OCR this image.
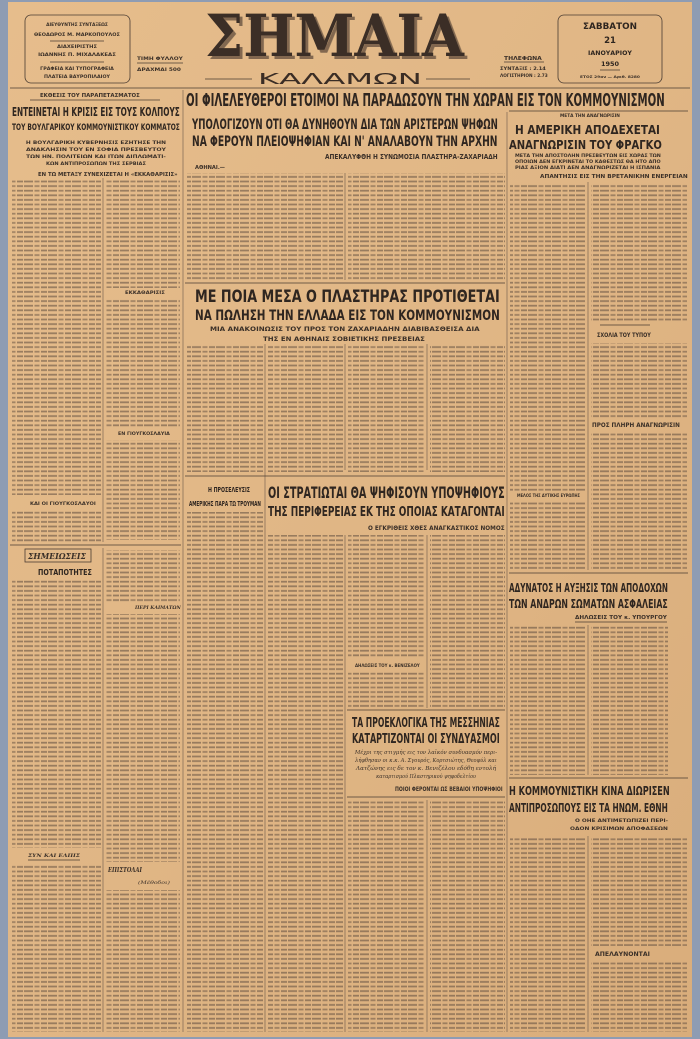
ΔΙΕΥΘΥΝΤΗΣ ΣΥΝΤΑΞΕΩΣ
ΘΕΟΔΩΡΟΣ Μ. ΜΑΡΚΟΠΟΥΛΟΣ
ΔΙΑΧΕΙΡΙΣΤΗΣ
ΙΩΑΝΝΗΣ Π. ΜΙΧΑΛΑΚΕΑΣ
ΓΡΑΦΕΙΑ ΚΑΙ ΤΥΠΟΓΡΑΦΕΙΑ
ΠΛΑΤΕΙΑ ΒΑΥΡΟΠΙΛΑΙΟΥ
ΤΙΜΗ ΦΥΛΛΟΥ
ΔΡΑΧΜΑΙ 500 ΣΗΜΑΙΑ
ΚΑΛΑΜΩΝ
ΤΗΛΕΦΩΝΑ
ΣΥΝΤΑΞΙΣ : 2.14
ΛΟΓΙΣΤΗΡΙΟΝ : 2.73
ΣΑΒΒΑΤΟΝ
21
ΙΑΝΟΥΑΡΙΟΥ
1950
ΕΤΟΣ 29ον — Αριθ. 8280
ΟΙ ΦΙΛΕΛΕΥΘΕΡΟΙ ΕΤΟΙΜΟΙ ΝΑ ΠΑΡΑΔΩΣΟΥΝ ΤΗΝ ΧΩΡΑΝ ΕΙΣ ΤΟΝ ΚΟΜΜΟΥΝΙΣΜΟΝ
ΥΠΟΛΟΓΙΖΟΥΝ ΟΤΙ ΘΑ ΔΥΝΗΘΟΥΝ ΔΙΑ ΤΩΝ ΑΡΙΣΤΕΡΩΝ ΨΗΦΩΝ
ΝΑ ΦΕΡΟΥΝ ΠΛΕΙΟΨΗΦΙΑΝ ΚΑΙ Ν' ΑΝΑΛΑΒΟΥΝ ΤΗΝ ΑΡΧΗΝ
ΑΠΕΚΑΛΥΦΘΗ Η ΣΥΝΩΜΟΣΙΑ ΠΛΑΣΤΗΡΑ-ΖΑΧΑΡΙΑΔΗ
ΑΘΗΝΑΙ.—
ΕΚΘΕΣΙΣ ΤΟΥ ΠΑΡΑΠΕΤΑΣΜΑΤΟΣ
ΕΝΤΕΙΝΕΤΑΙ Η ΚΡΙΣΙΣ ΕΙΣ ΤΟΥΣ ΚΟΛΠΟΥΣ
ΤΟΥ ΒΟΥΛΓΑΡΙΚΟΥ ΚΟΜΜΟΥΝΙΣΤΙΚΟΥ ΚΟΜΜΑΤΟΣ
Η ΒΟΥΛΓΑΡΙΚΗ ΚΥΒΕΡΝΗΣΙΣ ΕΖΗΤΗΣΕ ΤΗΝ
ΑΝΑΚΛΗΣΙΝ ΤΟΥ ΕΝ ΣΟΦΙΑ ΠΡΕΣΒΕΥΤΟΥ
ΤΩΝ ΗΝ. ΠΟΛΙΤΕΙΩΝ ΚΑΙ ΙΤΩΝ ΔΙΠΛΩΜΑΤΙ-
ΚΩΝ ΑΝΤΙΠΡΟΣΩΠΩΝ ΤΗΣ ΣΕΡΒΙΑΣ
ΕΝ ΤΩ ΜΕΤΑΞΥ ΣΥΝΕΧΙΖΕΤΑΙ Η «ΕΚΚΑΘΑΡΙΣΙΣ»
ΕΚΚΑΘΑΡΙΣΙΣ
ΕΝ ΓΙΟΥΓΚΟΣΛΑΥΙΑ
ΚΑΙ ΟΙ ΓΙΟΥΓΚΟΣΛΑΥΟΙ
ΜΕ ΠΟΙΑ ΜΕΣΑ Ο ΠΛΑΣΤΗΡΑΣ ΠΡΟΤΙΘΕΤΑΙ
ΝΑ ΠΩΛΗΣΗ ΤΗΝ ΕΛΛΑΔΑ ΕΙΣ ΤΟΝ ΚΟΜΜΟΥΝΙΣΜΟΝ
ΜΙΑ ΑΝΑΚΟΙΝΩΣΙΣ ΤΟΥ ΠΡΟΣ ΤΟΝ ΖΑΧΑΡΙΑΔΗΝ ΔΙΑΒΙΒΑΣΘΕΙΣΑ ΔΙΑ
ΤΗΣ ΕΝ ΑΘΗΝΑΙΣ ΣΟΒΙΕΤΙΚΗΣ ΠΡΕΣΒΕΙΑΣ
ΜΕΤΑ ΤΗΝ ΑΝΑΓΝΩΡΙΣΙΝ
Η ΑΜΕΡΙΚΗ ΑΠΟΔΕΧΕΤΑΙ
ΑΝΑΓΝΩΡΙΣΙΝ ΤΟΥ ΦΡΑΓΚΟ
ΜΕΤΑ ΤΗΝ ΑΠΟΣΤΟΛΗΝ ΠΡΕΣΒΕΥΤΩΝ ΕΙΣ ΧΩΡΑΣ ΤΩΝ
ΟΠΟΙΩΝ ΔΕΝ ΕΓΚΡΙΝΕΤΑΙ ΤΟ ΚΑΘΕΣΤΩΣ ΘΑ ΗΤΟ ΑΠΟ
ΡΙΑΣ ΑΞΙΟΝ ΔΙΑΤΙ ΔΕΝ ΑΝΑΓΝΩΡΙΖΕΤΑΙ Η ΙΣΠΑΝΙΑ
ΑΠΑΝΤΗΣΙΣ ΕΙΣ ΤΗΝ ΒΡΕΤΑΝΙΚΗΝ ΕΝΕΡΓΕΙΑΝ
ΣΧΟΛΙΑ ΤΟΥ ΤΥΠΟΥ
ΠΡΟΣ ΠΛΗΡΗ ΑΝΑΓΝΩΡΙΣΙΝ
ΜΕΛΟΣ ΤΗΣ ΔΥΤΙΚΗΣ ΕΥΡΩΠΗΣ
Η ΠΡΟΣΕΛΕΥΣΙΣ
ΑΜΕΡΙΚΗΣ ΠΑΡΑ ΤΩ ΤΡΟΥΜΑΝ
ΟΙ ΣΤΡΑΤΙΩΤΑΙ ΘΑ ΨΗΦΙΣΟΥΝ ΥΠΟΨΗΦΙΟΥΣ
ΤΗΣ ΠΕΡΙΦΕΡΕΙΑΣ ΕΚ ΤΗΣ ΟΠΟΙΑΣ ΚΑΤΑΓΟΝΤΑΙ
Ο ΕΓΚΡΙΘΕΙΣ ΧΘΕΣ ΑΝΑΓΚΑΣΤΙΚΟΣ ΝΟΜΟΣ
ΔΗΛΩΣΕΙΣ ΤΟΥ κ. ΒΕΝΙΖΕΛΟΥ
ΤΑ ΠΡΟΕΚΛΟΓΙΚΑ ΤΗΣ ΜΕΣΣΗΝΙΑΣ
ΚΑΤΑΡΤΙΖΟΝΤΑΙ ΟΙ ΣΥΝΔΥΑΣΜΟΙ
Μέχρι της στιγμής εις τον λαϊκόν συνδυασμόν περι-
λήφθησαν οι κ.κ. Α. Σγουρός, Κορτσιώτης, Θεοφύλ και
Λατζώνης εις δε τον κ. Βενιζέλου εδόθη εντολή
καταρτισμού Πλαστηρικού ψηφοδελτίου
ΠΟΙΟΙ ΦΕΡΟΝΤΑΙ ΩΣ ΒΕΒΑΙΟΙ ΥΠΟΨΗΦΙΟΙ
ΑΔΥΝΑΤΟΣ Η ΑΥΞΗΣΙΣ ΤΩΝ ΑΠΟΔΟΧΩΝ
ΤΩΝ ΑΝΔΡΩΝ ΣΩΜΑΤΩΝ ΑΣΦΑΛΕΙΑΣ
ΔΗΛΩΣΕΙΣ ΤΟΥ κ. ΥΠΟΥΡΓΟΥ
Η ΚΟΜΜΟΥΝΙΣΤΙΚΗ ΚΙΝΑ ΔΙΩΡΙΣΕΝ
ΑΝΤΙΠΡΟΣΩΠΟΥΣ ΕΙΣ ΤΑ ΗΝΩΜ. ΕΘΝΗ
Ο ΟΗΕ ΑΝΤΙΜΕΤΩΠΙΖΕΙ ΠΕΡΙ-
ΟΔΟΝ ΚΡΙΣΙΜΩΝ ΑΠΟΦΑΣΕΩΝ
ΑΠΕΛΑΥΝΟΝΤΑΙ
ΣΗΜΕΙΩΣΕΙΣ
ΠΟΤΑΠΟΤΗΤΕΣ
ΠΕΡΙ ΚΑΙΜΑΤΩΝ
ΣΥΝ ΚΑΙ ΕΛΠΙΣ
ΕΠΙΣΤΟΛΑΙ
(Μέθοδοι)
